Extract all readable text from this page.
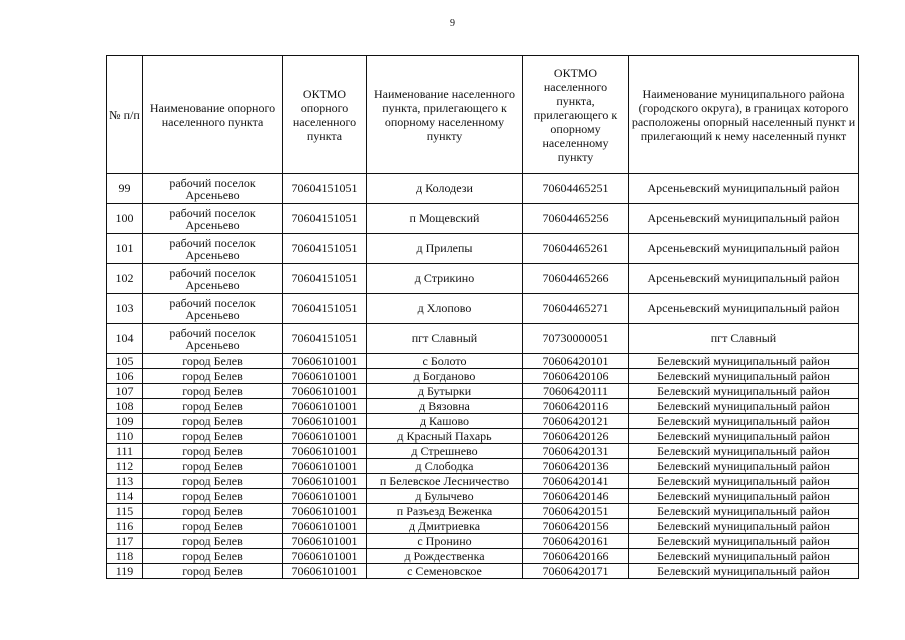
9
№ п/п	Наименование опорного населенного пункта	ОКТМО опорного населенного пункта	Наименование населенного пункта, прилегающего к опорному населенному пункту	ОКТМО населенного пункта, прилегающего к опорному населенному пункту	Наименование муниципального района (городского округа), в границах которого расположены опорный населенный пункт и прилегающий к нему населенный пункт
99	рабочий поселок Арсеньево	70604151051	д Колодези	70604465251	Арсеньевский муниципальный район
100	рабочий поселок Арсеньево	70604151051	п Мощевский	70604465256	Арсеньевский муниципальный район
101	рабочий поселок Арсеньево	70604151051	д Прилепы	70604465261	Арсеньевский муниципальный район
102	рабочий поселок Арсеньево	70604151051	д Стрикино	70604465266	Арсеньевский муниципальный район
103	рабочий поселок Арсеньево	70604151051	д Хлопово	70604465271	Арсеньевский муниципальный район
104	рабочий поселок Арсеньево	70604151051	пгт Славный	70730000051	пгт Славный
105	город Белев	70606101001	с Болото	70606420101	Белевский муниципальный район
106	город Белев	70606101001	д Богданово	70606420106	Белевский муниципальный район
107	город Белев	70606101001	д Бутырки	70606420111	Белевский муниципальный район
108	город Белев	70606101001	д Вязовна	70606420116	Белевский муниципальный район
109	город Белев	70606101001	д Кашово	70606420121	Белевский муниципальный район
110	город Белев	70606101001	д Красный Пахарь	70606420126	Белевский муниципальный район
111	город Белев	70606101001	д Стрешнево	70606420131	Белевский муниципальный район
112	город Белев	70606101001	д Слободка	70606420136	Белевский муниципальный район
113	город Белев	70606101001	п Белевское Лесничество	70606420141	Белевский муниципальный район
114	город Белев	70606101001	д Булычево	70606420146	Белевский муниципальный район
115	город Белев	70606101001	п Разъезд Веженка	70606420151	Белевский муниципальный район
116	город Белев	70606101001	д Дмитриевка	70606420156	Белевский муниципальный район
117	город Белев	70606101001	с Пронино	70606420161	Белевский муниципальный район
118	город Белев	70606101001	д Рождественка	70606420166	Белевский муниципальный район
119	город Белев	70606101001	с Семеновское	70606420171	Белевский муниципальный район
